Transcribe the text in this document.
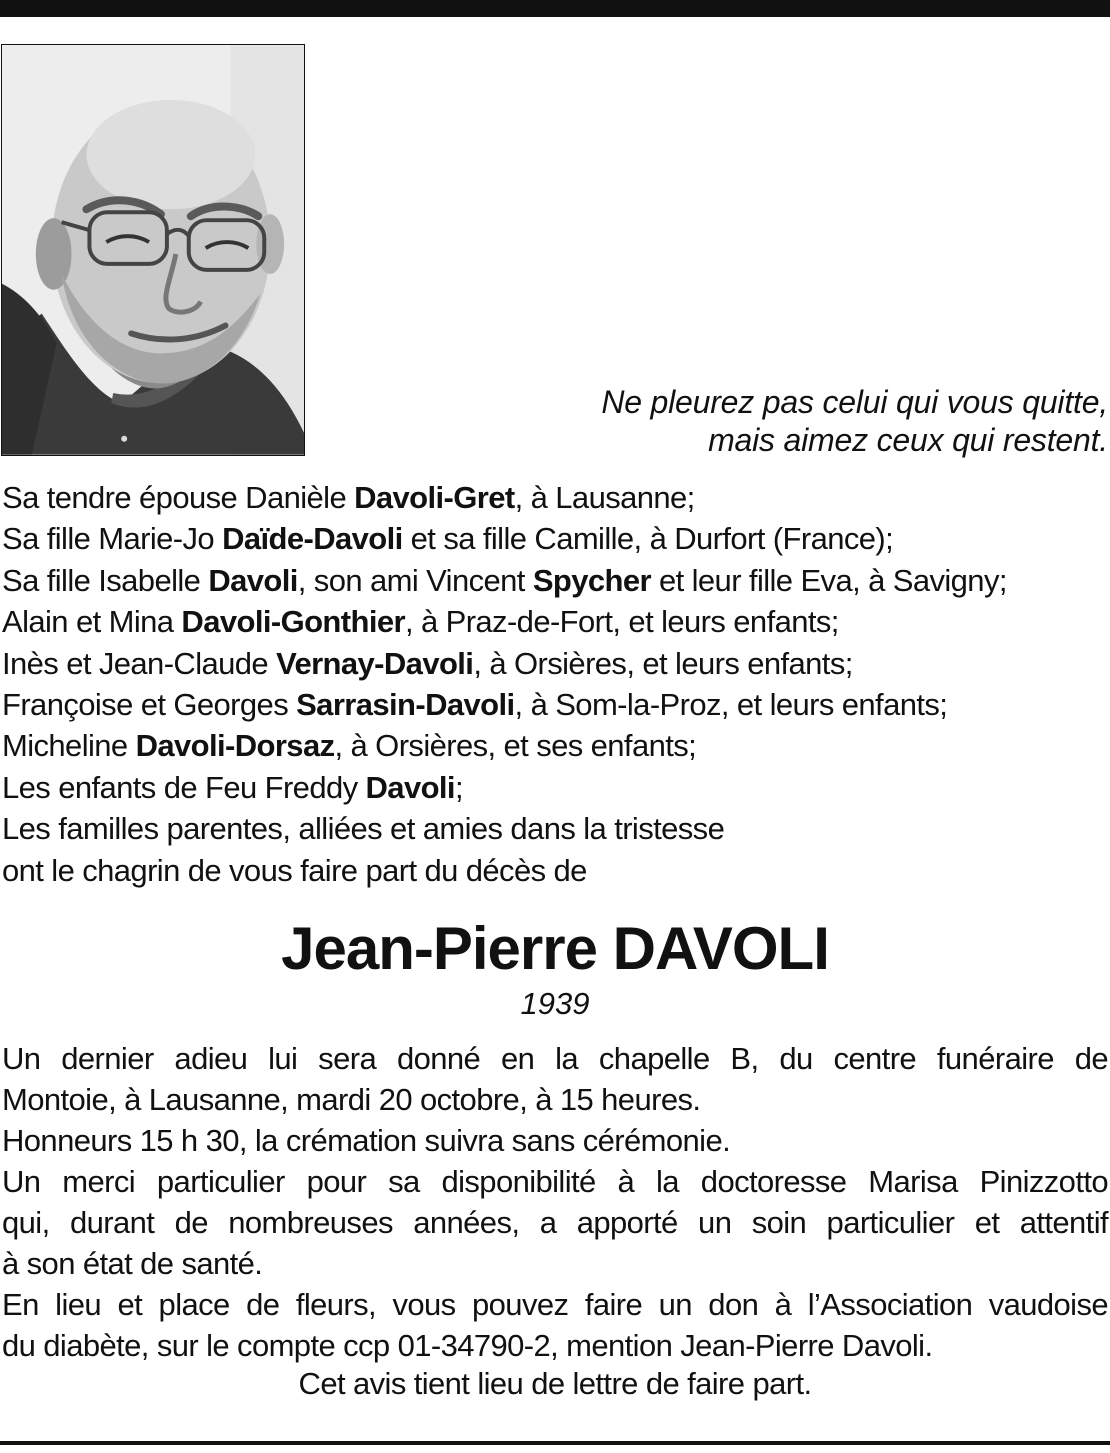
Ne pleurez pas celui qui vous quitte,
mais aimez ceux qui restent.
Sa tendre épouse Danièle Davoli-Gret, à Lausanne;
Sa fille Marie-Jo Daïde-Davoli et sa fille Camille, à Durfort (France);
Sa fille Isabelle Davoli, son ami Vincent Spycher et leur fille Eva, à Savigny;
Alain et Mina Davoli-Gonthier, à Praz-de-Fort, et leurs enfants;
Inès et Jean-Claude Vernay-Davoli, à Orsières, et leurs enfants;
Françoise et Georges Sarrasin-Davoli, à Som-la-Proz, et leurs enfants;
Micheline Davoli-Dorsaz, à Orsières, et ses enfants;
Les enfants de Feu Freddy Davoli;
Les familles parentes, alliées et amies dans la tristesse
ont le chagrin de vous faire part du décès de
Jean-Pierre DAVOLI
1939
Un dernier adieu lui sera donné en la chapelle B, du centre funéraire de
Montoie, à Lausanne, mardi 20 octobre, à 15 heures.
Honneurs 15 h 30, la crémation suivra sans cérémonie.
Un merci particulier pour sa disponibilité à la doctoresse Marisa Pinizzotto
qui, durant de nombreuses années, a apporté un soin particulier et attentif
à son état de santé.
En lieu et place de fleurs, vous pouvez faire un don à l’Association vaudoise
du diabète, sur le compte ccp 01-34790-2, mention Jean-Pierre Davoli.
Cet avis tient lieu de lettre de faire part.
